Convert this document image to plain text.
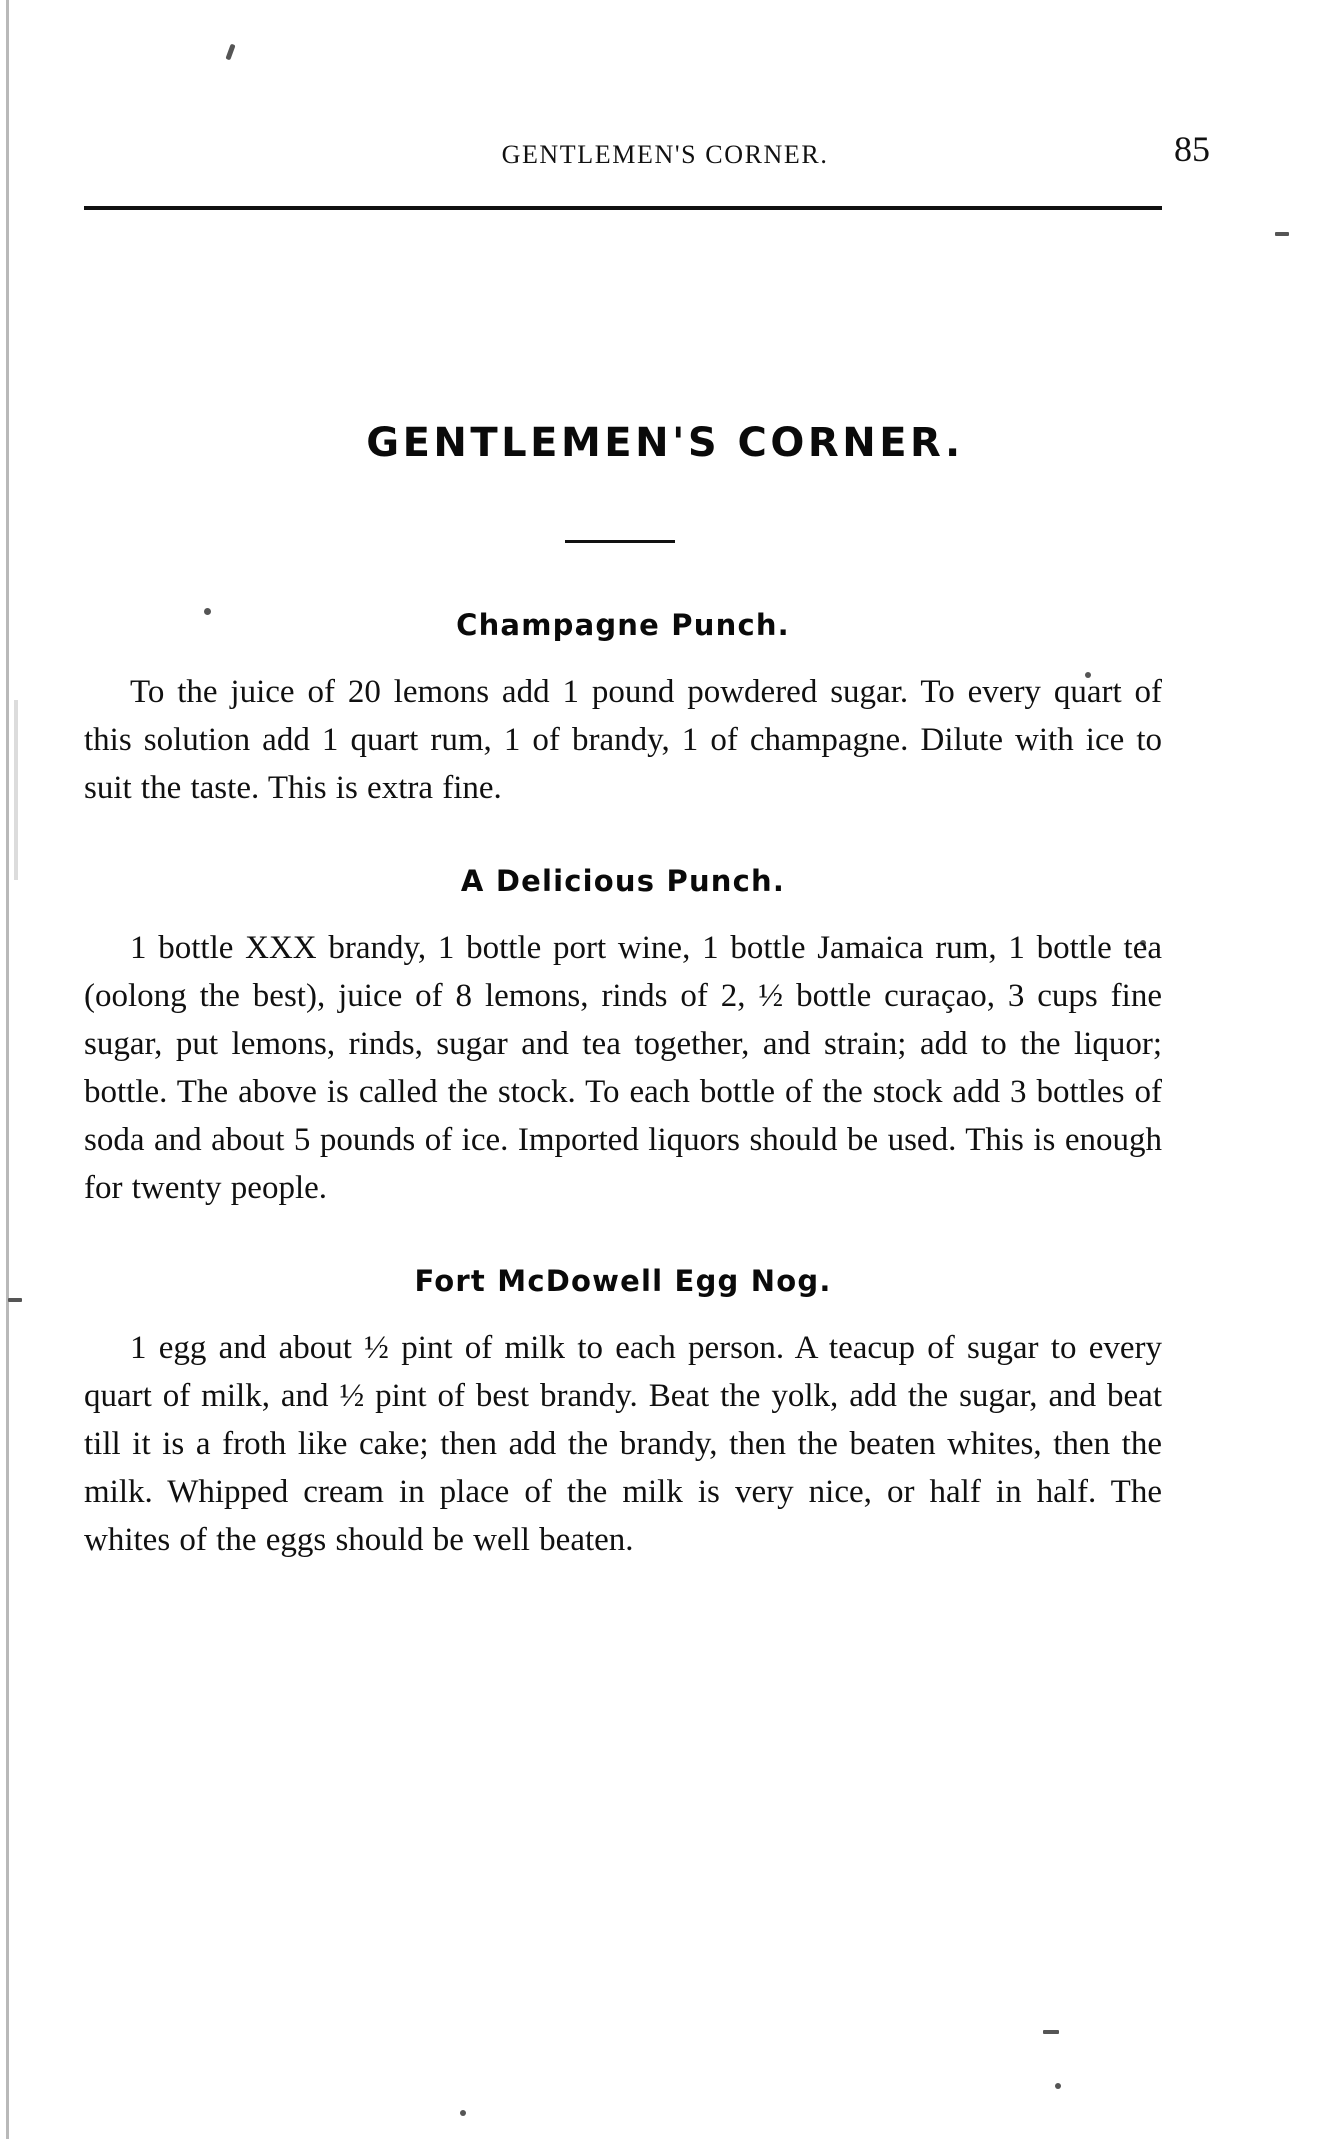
GENTLEMEN'S CORNER.	85
GENTLEMEN'S CORNER.
Champagne Punch.

To the juice of 20 lemons add 1 pound powdered sugar. To every quart of this solution add 1 quart rum, 1 of brandy, 1 of champagne. Dilute with ice to suit the taste. This is extra fine.

A Delicious Punch.

1 bottle XXX brandy, 1 bottle port wine, 1 bottle Jamaica rum, 1 bottle tea (oolong the best), juice of 8 lemons, rinds of 2, ½ bottle curaçao, 3 cups fine sugar, put lemons, rinds, sugar and tea together, and strain; add to the liquor; bottle. The above is called the stock. To each bottle of the stock add 3 bottles of soda and about 5 pounds of ice. Imported liquors should be used. This is enough for twenty people.

Fort McDowell Egg Nog.

1 egg and about ½ pint of milk to each person. A teacup of sugar to every quart of milk, and ½ pint of best brandy. Beat the yolk, add the sugar, and beat till it is a froth like cake; then add the brandy, then the beaten whites, then the milk. Whipped cream in place of the milk is very nice, or half in half. The whites of the eggs should be well beaten.
